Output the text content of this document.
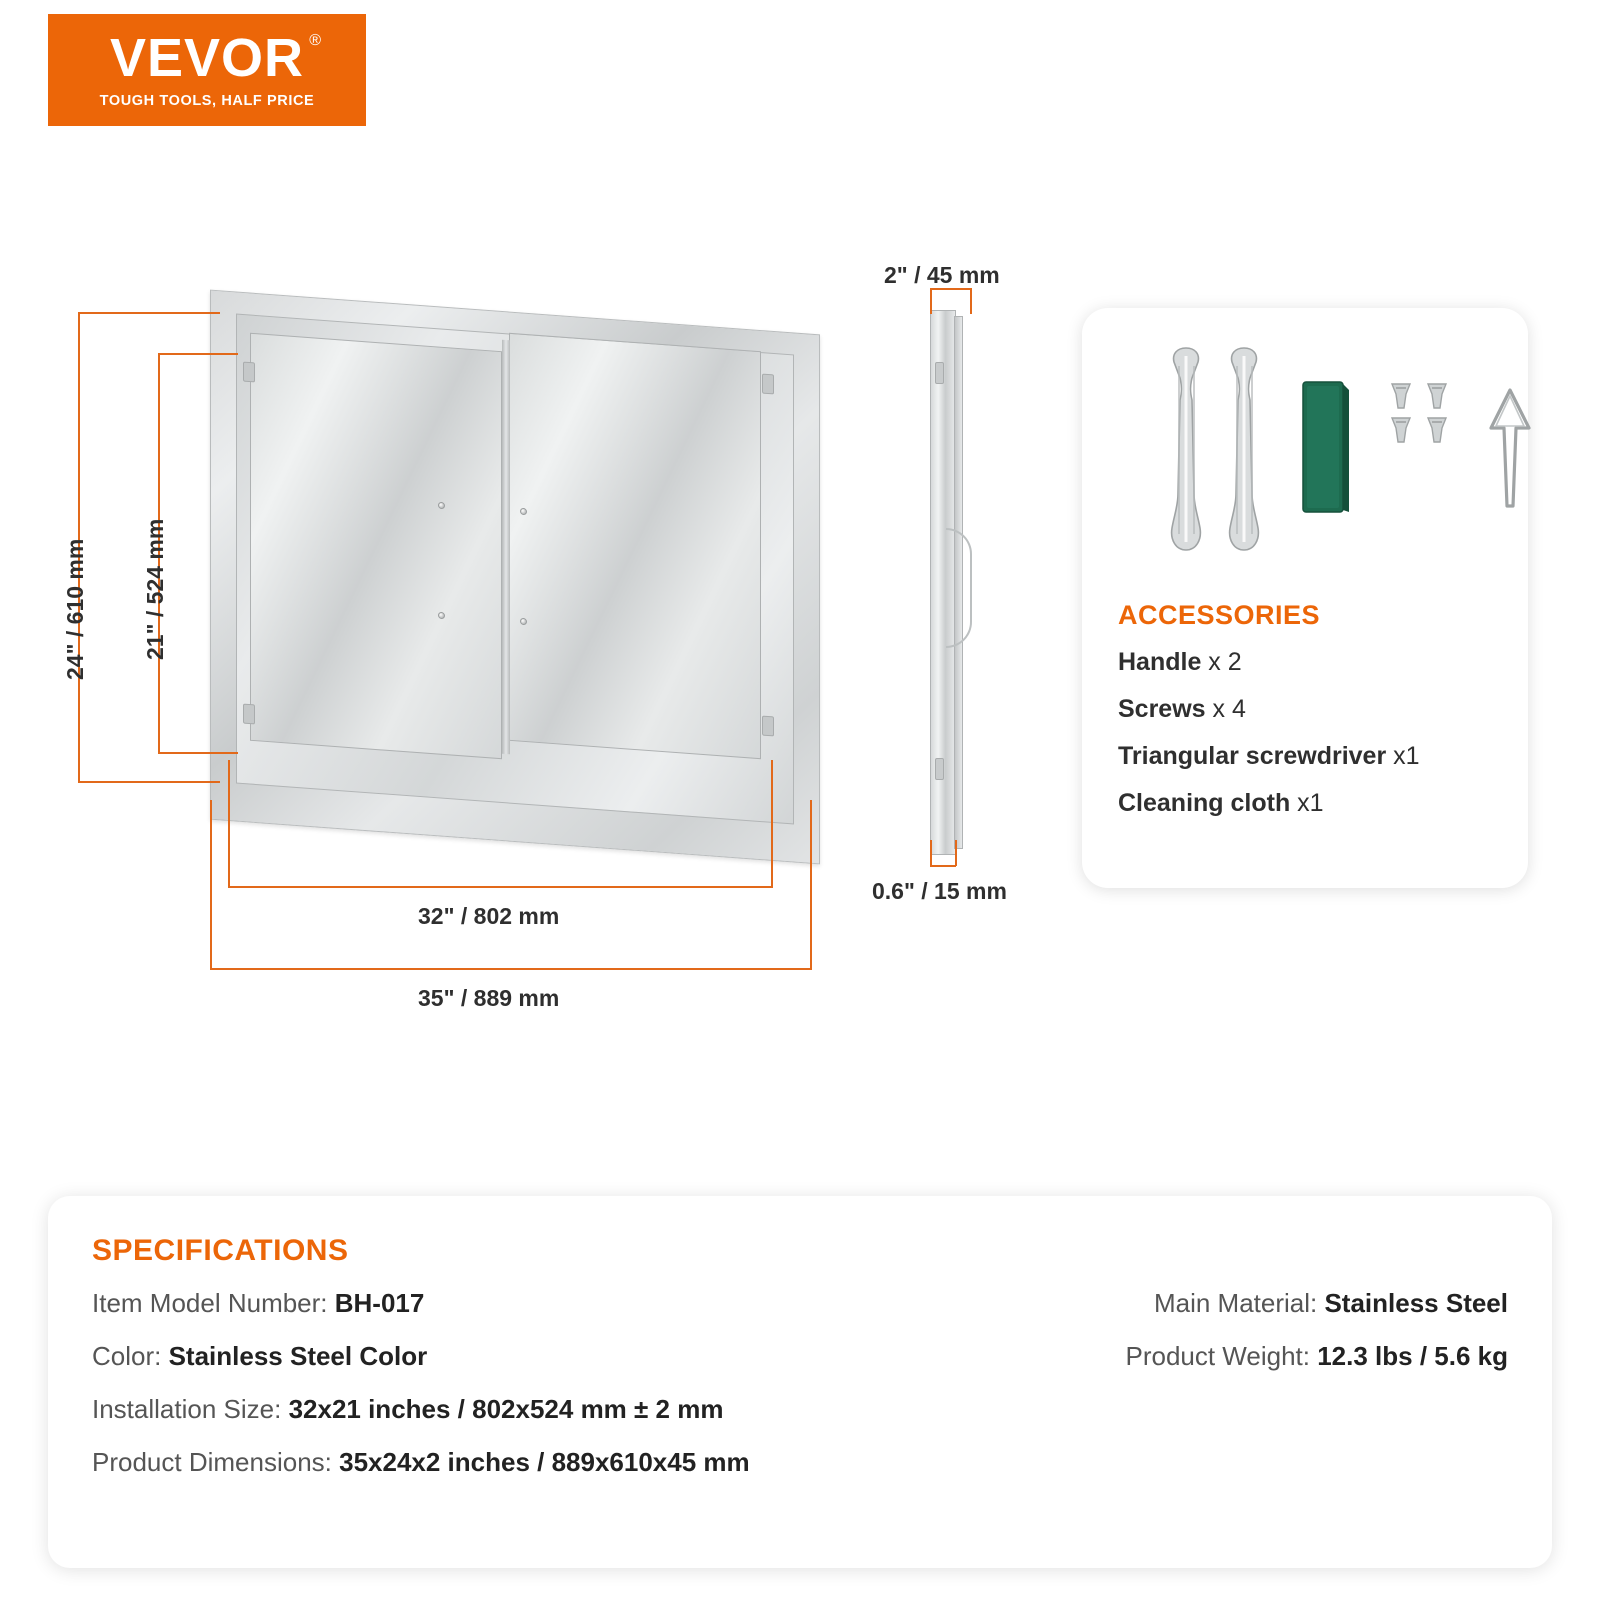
VEVOR ®
TOUGH TOOLS, HALF PRICE
24" / 610 mm 21" / 524 mm
32" / 802 mm
35" / 889 mm
2" / 45 mm
0.6" / 15 mm
ACCESSORIES
Handle x 2
Screws x 4
Triangular screwdriver x1
Cleaning cloth x1
SPECIFICATIONS
Item Model Number: BH-017
Color: Stainless Steel Color
Installation Size: 32x21 inches / 802x524 mm ± 2 mm
Product Dimensions: 35x24x2 inches / 889x610x45 mm
Main Material: Stainless Steel
Product Weight: 12.3 lbs / 5.6 kg
